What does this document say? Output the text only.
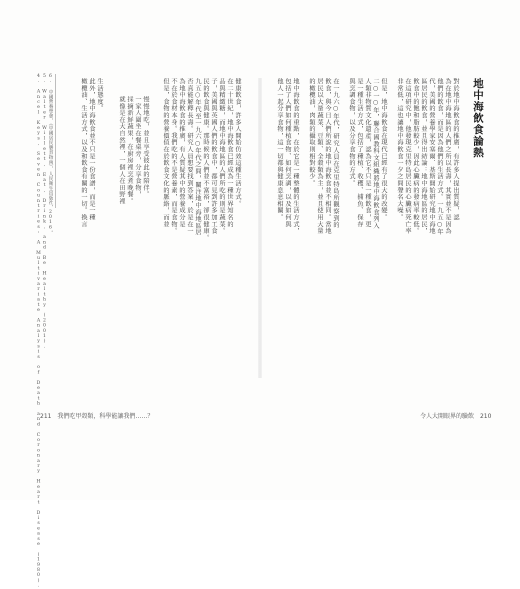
4. Ancel Keys, Seven Countries: A Multivariate Analysis of Death and Coronary Heart Disease (1980). 5. Walter Willett, Eat, Drink, and Be Healthy (2001). 6. 中國營養學會，《中國居民膳食指南》，人民衛生出版社，2016。	橄欖油、生活方式，以及和飲食有關的一切。換言 此外，地中海飲食並不只是一份食譜，而是一種 生活態度。
就像是在大自然裡，一個人在田野裡 採摘新鮮蔬果，在廚房裡烹煮晚餐。 一家人圍坐在餐桌旁，分享食物， 慢慢地吃，並且享受彼此的陪伴。 但是，食物的營養價值在於飲食文化的脈絡，而並 不在於食材本身。我們吃的不是營養素，而是食物。 為地中海飲食的推廣，有人質疑其中的營養成分是 否真能解釋長壽。研究人員想要找到答案，於是在一 九五○年代至一九六○年代之間，關注地中海地區居 民的飲食與健康。那時候的人們並不富裕，卻很健康。 子，美國與英國人們的飲食中，都可見到許多加工食 品與精緻糖，而地中海地區的人們所吃的則是蔬菜。 在二十世紀，地中海飲食已經成為一種世界知名的 健康飲食，許多人開始仿效這種生活方式。
211 我們吃甲殼類，科學能讓我們……？
他人一起分享食物，這一切都與健康息息相關。 包括了人們如何種植食物、如何烹調，以及如何與 地中海飲食的重點，在於它是一種整體的生活方式， 的橄欖油，肉類的攝取則相對較少。 居民以大量蔬菜、豆類、全穀類為主，並且使用大量 飲食，與今日人們所說的地中海飲食並不相同。當地 在一九六○年代，研究人員在克里特島所觀察到的 與烹調食物，以及分享食物的方式。 是一種生活方式，包括了種植、收穫、捕魚、保存 人類非物質文化遺產，認為它不只是一種飲食，更 二○一○年，聯合國教科文組織將地中海飲食列入 但是，地中海飲食在現代已經有了很大的改變。 非常低，這也讓地中海飲食一夕之間聲名大噪。 在這項研究中，他發現克里特島居民的心臟病死亡率 飲食中的飽和脂肪較少，因此心臟病的發病率較低。 區居民的飲食，並且得出結論：地中海地區的居民， 代，美國的營養學家安塞爾．基斯開始研究地中海地 他們的飲食，而是因為他們的生活方式。一九五○年 為在地中海地區的人們之所以長壽，其實並不是因為 對於地中海飲食的推廣，有許多人提出質疑，認 地中海飲食論熱
令人大開眼界的驗飲 210
